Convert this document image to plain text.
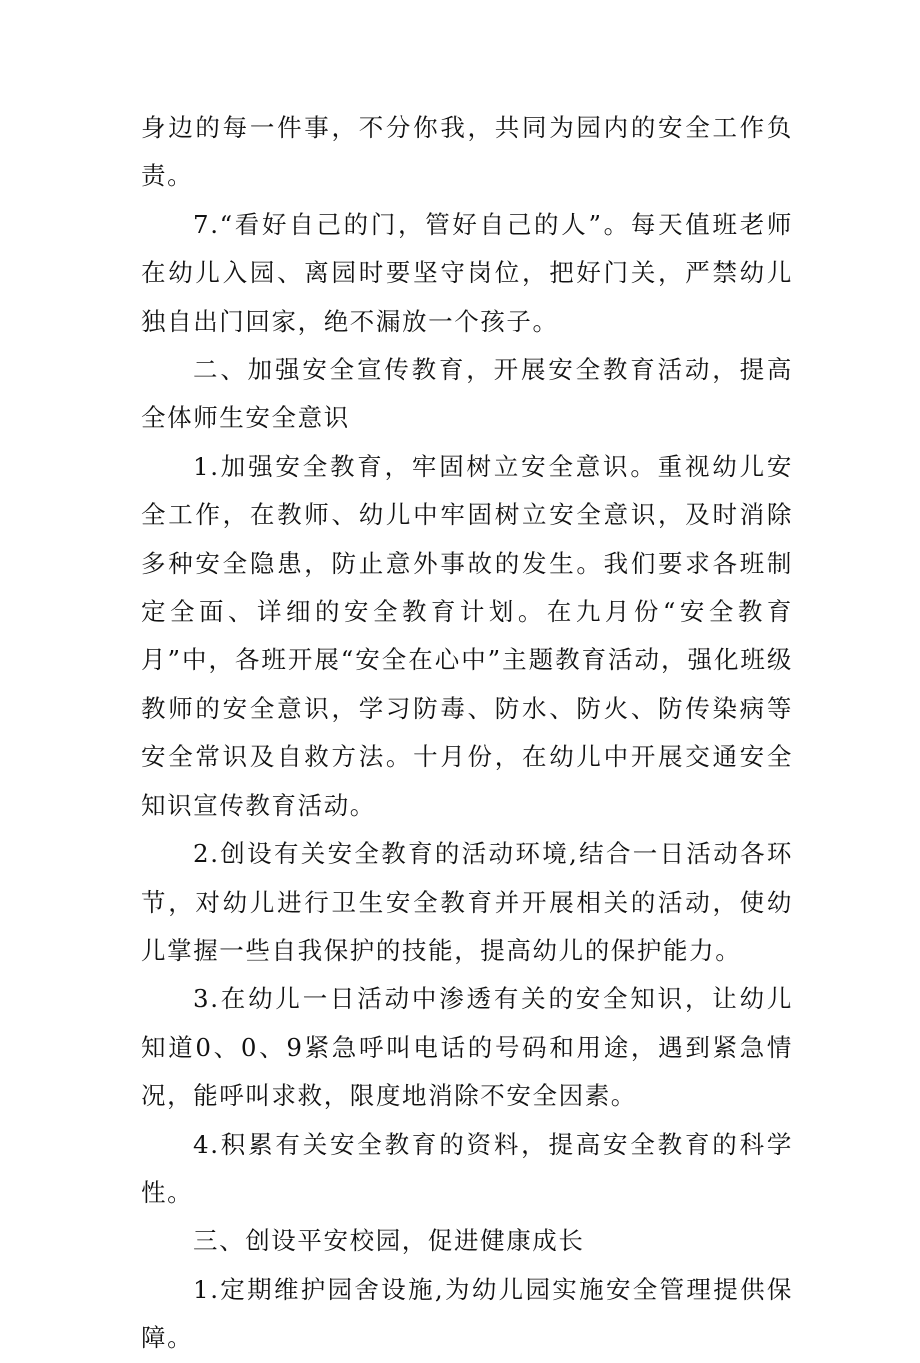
身边的每一件事，不分你我，共同为园内的安全工作负责。

7.“看好自己的门，管好自己的人”。每天值班老师在幼儿入园、离园时要坚守岗位，把好门关，严禁幼儿独自出门回家，绝不漏放一个孩子。

二、加强安全宣传教育，开展安全教育活动，提高全体师生安全意识

1.加强安全教育，牢固树立安全意识。重视幼儿安全工作，在教师、幼儿中牢固树立安全意识，及时消除多种安全隐患，防止意外事故的发生。我们要求各班制定全面、详细的安全教育计划。在九月份“安全教育月”中，各班开展“安全在心中”主题教育活动，强化班级教师的安全意识，学习防毒、防水、防火、防传染病等安全常识及自救方法。十月份，在幼儿中开展交通安全知识宣传教育活动。

2.创设有关安全教育的活动环境,结合一日活动各环节，对幼儿进行卫生安全教育并开展相关的活动，使幼儿掌握一些自我保护的技能，提高幼儿的保护能力。

3.在幼儿一日活动中渗透有关的安全知识，让幼儿知道0、0、9紧急呼叫电话的号码和用途，遇到紧急情况，能呼叫求救，限度地消除不安全因素。

4.积累有关安全教育的资料，提高安全教育的科学性。

三、创设平安校园，促进健康成长

1.定期维护园舍设施,为幼儿园实施安全管理提供保障。
